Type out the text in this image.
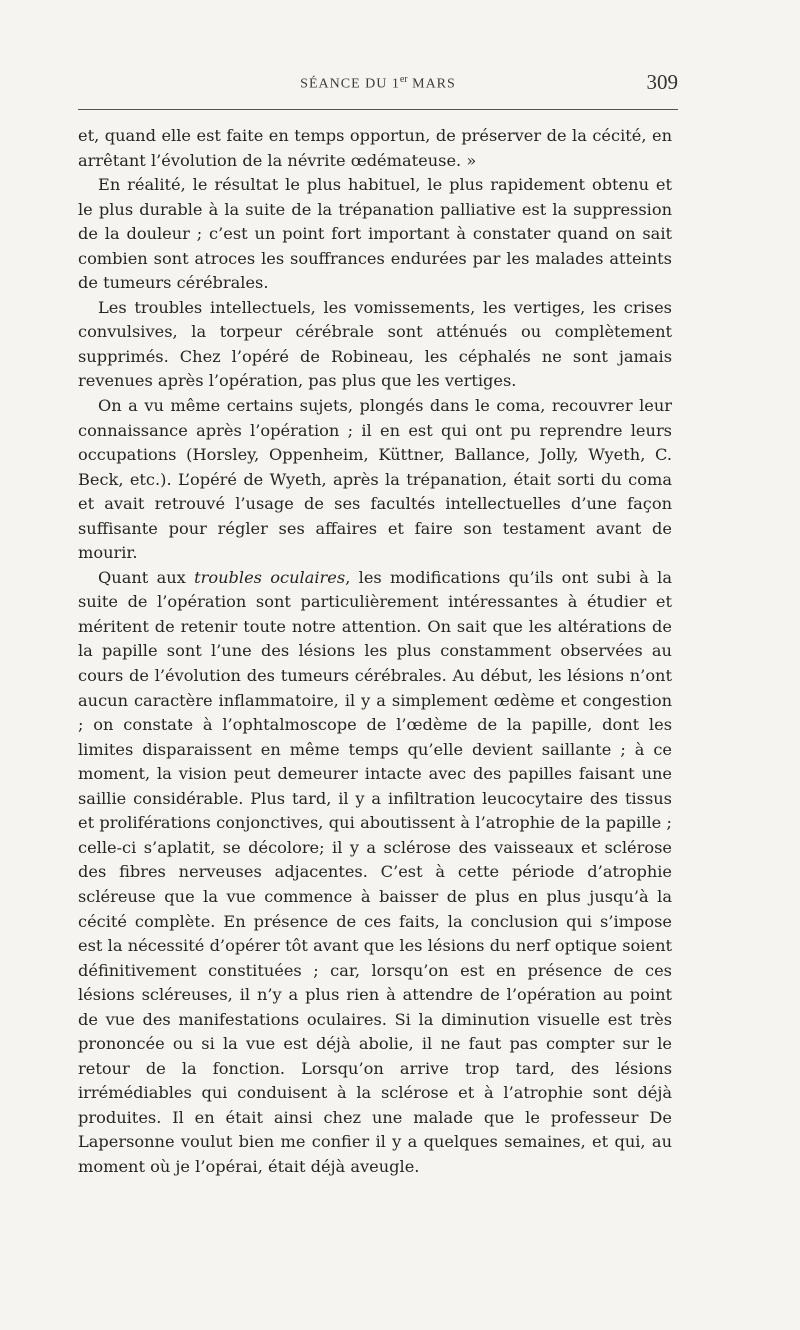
SÉANCE DU 1er MARS	309

et, quand elle est faite en temps opportun, de préserver de la cécité, en arrêtant l’évolution de la névrite œdémateuse. »

En réalité, le résultat le plus habituel, le plus rapidement obtenu et le plus durable à la suite de la trépanation palliative est la suppression de la douleur ; c’est un point fort important à constater quand on sait combien sont atroces les souffrances endurées par les malades atteints de tumeurs cérébrales.

Les troubles intellectuels, les vomissements, les vertiges, les crises convulsives, la torpeur cérébrale sont atténués ou complètement supprimés. Chez l’opéré de Robineau, les céphalés ne sont jamais revenues après l’opération, pas plus que les vertiges.

On a vu même certains sujets, plongés dans le coma, recouvrer leur connaissance après l’opération ; il en est qui ont pu reprendre leurs occupations (Horsley, Oppenheim, Küttner, Ballance, Jolly, Wyeth, C. Beck, etc.). L’opéré de Wyeth, après la trépanation, était sorti du coma et avait retrouvé l’usage de ses facultés intellectuelles d’une façon suffisante pour régler ses affaires et faire son testament avant de mourir.

Quant aux troubles oculaires, les modifications qu’ils ont subi à la suite de l’opération sont particulièrement intéressantes à étudier et méritent de retenir toute notre attention. On sait que les altérations de la papille sont l’une des lésions les plus constamment observées au cours de l’évolution des tumeurs cérébrales. Au début, les lésions n’ont aucun caractère inflammatoire, il y a simplement œdème et congestion ; on constate à l’ophtalmoscope de l’œdème de la papille, dont les limites disparaissent en même temps qu’elle devient saillante ; à ce moment, la vision peut demeurer intacte avec des papilles faisant une saillie considérable. Plus tard, il y a infiltration leucocytaire des tissus et proliférations conjonctives, qui aboutissent à l’atrophie de la papille ; celle-ci s’aplatit, se décolore; il y a sclérose des vaisseaux et sclérose des fibres nerveuses adjacentes. C’est à cette période d’atrophie scléreuse que la vue commence à baisser de plus en plus jusqu’à la cécité complète. En présence de ces faits, la conclusion qui s’impose est la nécessité d’opérer tôt avant que les lésions du nerf optique soient définitivement constituées ; car, lorsqu’on est en présence de ces lésions scléreuses, il n’y a plus rien à attendre de l’opération au point de vue des manifestations oculaires. Si la diminution visuelle est très prononcée ou si la vue est déjà abolie, il ne faut pas compter sur le retour de la fonction. Lorsqu’on arrive trop tard, des lésions irrémédiables qui conduisent à la sclérose et à l’atrophie sont déjà produites. Il en était ainsi chez une malade que le professeur De Lapersonne voulut bien me confier il y a quelques semaines, et qui, au moment où je l’opérai, était déjà aveugle.
